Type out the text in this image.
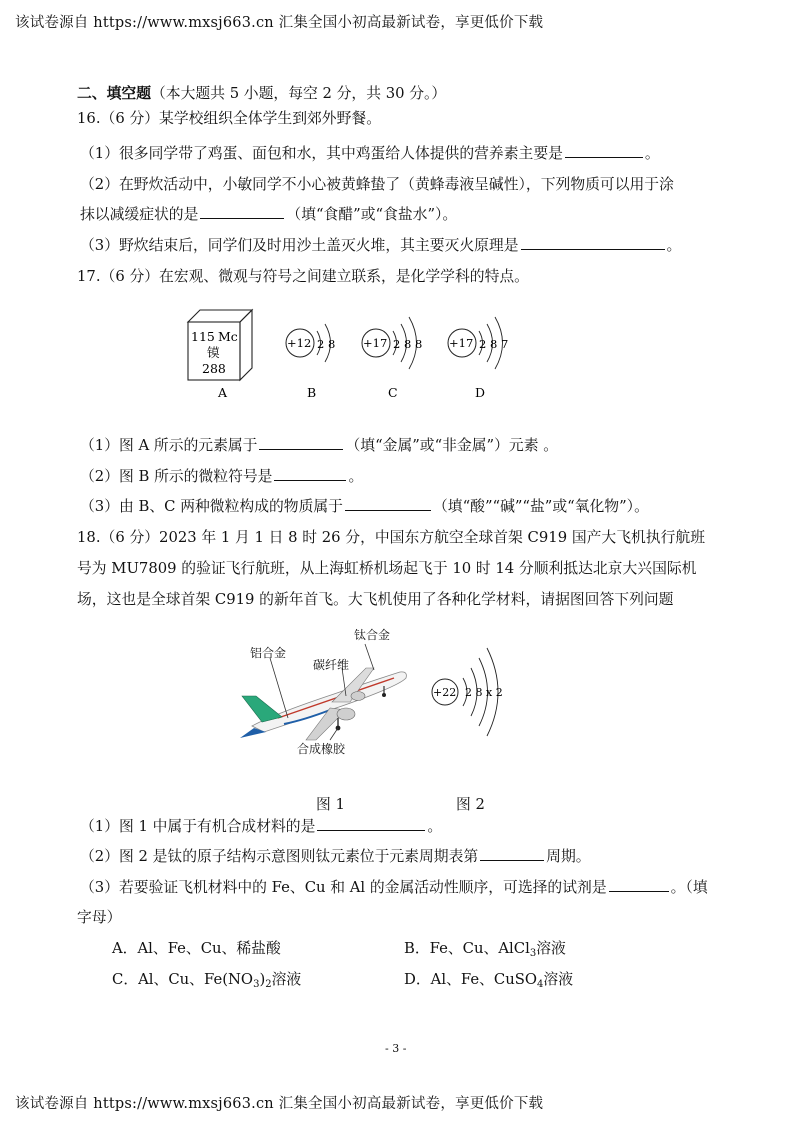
该试卷源自 https://www.mxsj663.cn 汇集全国小初高最新试卷，享更低价下载
二、填空题（本大题共 5 小题，每空 2 分，共 30 分。）
16.（6 分）某学校组织全体学生到郊外野餐。
（1）很多同学带了鸡蛋、面包和水，其中鸡蛋给人体提供的营养素主要是	。
（2）在野炊活动中，小敏同学不小心被黄蜂蛰了（黄蜂毒液呈碱性），下列物质可以用于涂
抹以减缓症状的是	（填“食醋”或“食盐水”）。
（3）野炊结束后，同学们及时用沙土盖灭火堆，其主要灭火原理是	。
17.（6 分）在宏观、微观与符号之间建立联系，是化学学科的特点。
115 Mc
镆
288
+12 2 8 +17 2 8 8 +17 2 8 7
A	B	C	D
（1）图 A 所示的元素属于	（填“金属”或“非金属”）元素 。
（2）图 B 所示的微粒符号是	。
（3）由 B、C 两种微粒构成的物质属于	（填“酸”“碱”“盐”或“氧化物”）。
18.（6 分）2023 年 1 月 1 日 8 时 26 分，中国东方航空全球首架 C919 国产大飞机执行航班
号为 MU7809 的验证飞行航班，从上海虹桥机场起飞于 10 时 14 分顺利抵达北京大兴国际机
场，这也是全球首架 C919 的新年首飞。大飞机使用了各种化学材料，请据图回答下列问题
铝合金
钛合金
碳纤维
合成橡胶
+22 2 8 x 2
图 1	图 2
（1）图 1 中属于有机合成材料的是	。
（2）图 2 是钛的原子结构示意图则钛元素位于元素周期表第	周期。
（3）若要验证飞机材料中的 Fe、Cu 和 Al 的金属活动性顺序，可选择的试剂是	。（填
字母）
A．Al、Fe、Cu、稀盐酸	B．Fe、Cu、AlCl$_3$溶液
C．Al、Cu、$Fe(NO_3)_2$溶液	D．Al、Fe、CuSO$_4$溶液
- 3 -
该试卷源自 https://www.mxsj663.cn 汇集全国小初高最新试卷，享更低价下载
